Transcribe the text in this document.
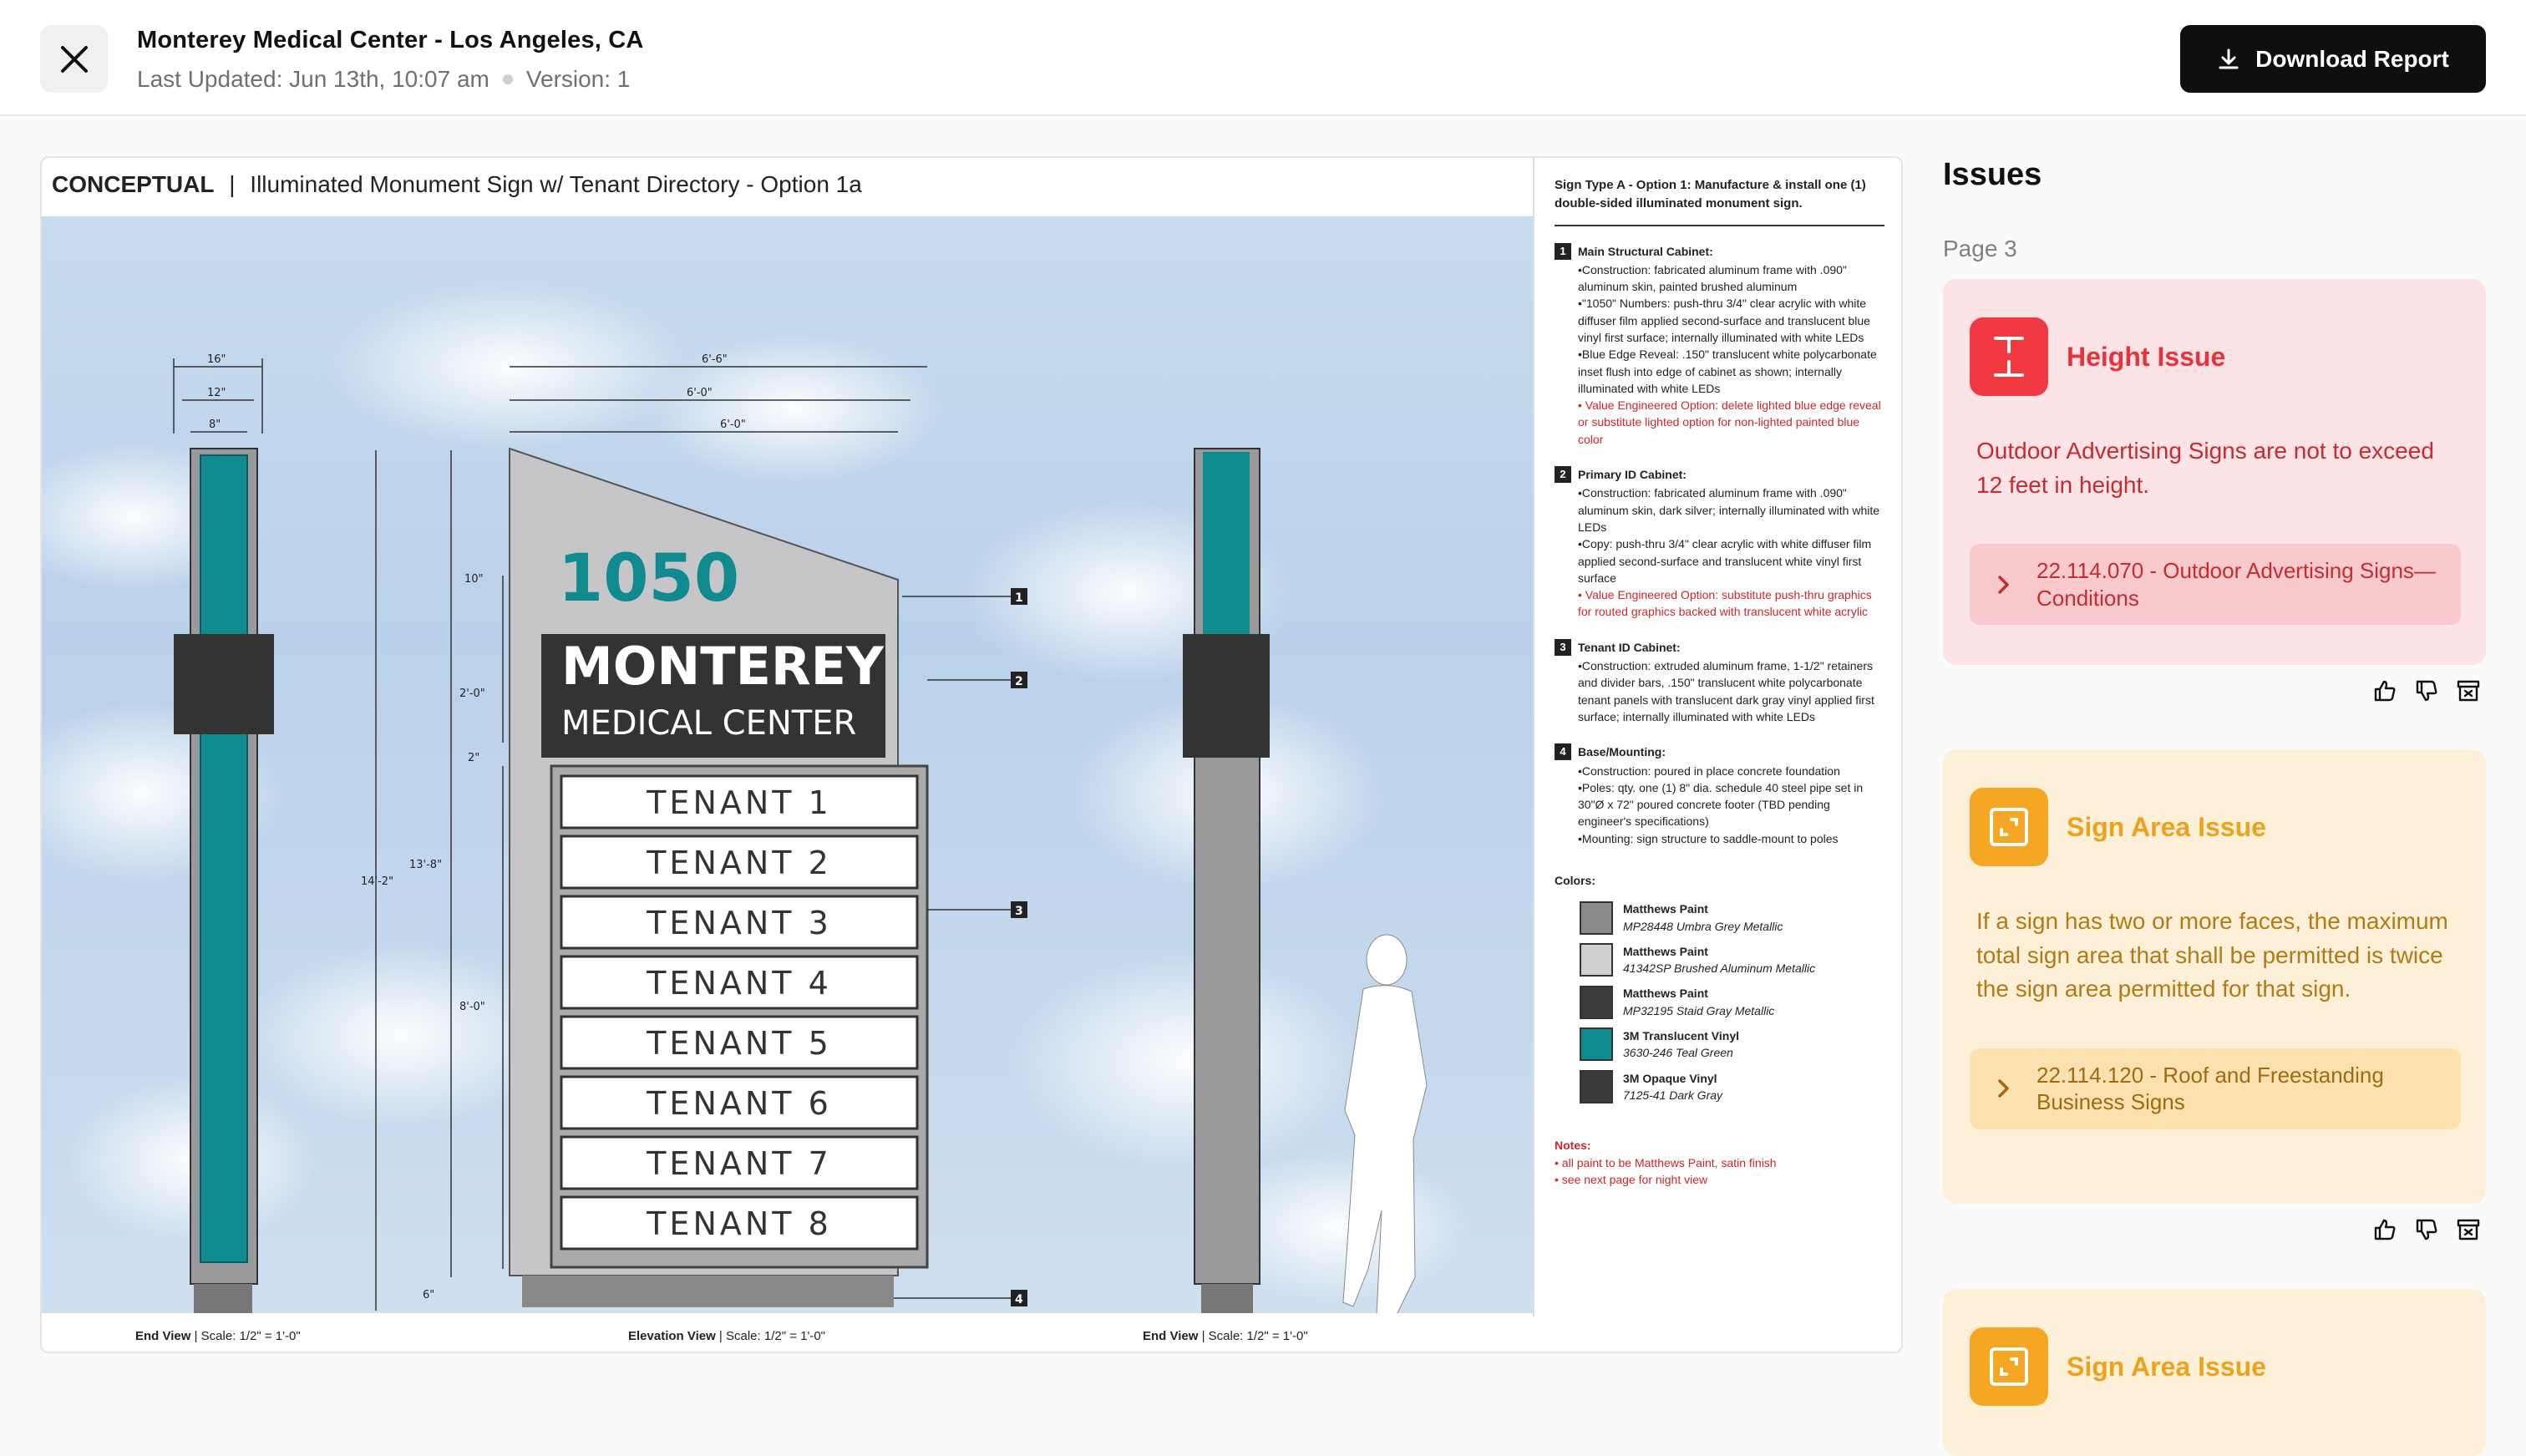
Monterey Medical Center - Los Angeles, CA
Last Updated: Jun 13th, 10:07 am Version: 1
Download Report
1050
MONTEREY
MEDICAL CENTER
TENANT 1
TENANT 2
TENANT 3
TENANT 4
TENANT 5
TENANT 6
TENANT 7
TENANT 8
16"
12"
8"
6'-6"
6'-0"
6'-0"
10"
2'-0"
2"
8'-0"
13'-8"
14'-2"
6"
1
2
3
4
CONCEPTUAL | Illuminated Monument Sign w/ Tenant Directory - Option 1a
End View | Scale: 1/2" = 1'-0"	Elevation View | Scale: 1/2" = 1'-0"	End View | Scale: 1/2" = 1'-0"
Sign Type A - Option 1: Manufacture & install one (1) double-sided illuminated monument sign.
1	Main Structural Cabinet:
•Construction: fabricated aluminum frame with .090" aluminum skin, painted brushed aluminum
•"1050" Numbers: push-thru 3/4" clear acrylic with white diffuser film applied second-surface and translucent blue vinyl first surface; internally illuminated with white LEDs
•Blue Edge Reveal: .150" translucent white polycarbonate inset flush into edge of cabinet as shown; internally illuminated with white LEDs
• Value Engineered Option: delete lighted blue edge reveal or substitute lighted option for non-lighted painted blue color
2	Primary ID Cabinet:
•Construction: fabricated aluminum frame with .090" aluminum skin, dark silver; internally illuminated with white LEDs
•Copy: push-thru 3/4" clear acrylic with white diffuser film applied second-surface and translucent white vinyl first surface
• Value Engineered Option: substitute push-thru graphics for routed graphics backed with translucent white acrylic
3	Tenant ID Cabinet:
•Construction: extruded aluminum frame, 1-1/2" retainers and divider bars, .150" translucent white polycarbonate tenant panels with translucent dark gray vinyl applied first surface; internally illuminated with white LEDs
4	Base/Mounting:
•Construction: poured in place concrete foundation
•Poles: qty. one (1) 8" dia. schedule 40 steel pipe set in 30"Ø x 72" poured concrete footer (TBD pending engineer's specifications)
•Mounting: sign structure to saddle-mount to poles
Colors:
Matthews Paint
MP28448 Umbra Grey Metallic
Matthews Paint
41342SP Brushed Aluminum Metallic
Matthews Paint
MP32195 Staid Gray Metallic
3M Translucent Vinyl
3630-246 Teal Green
3M Opaque Vinyl
7125-41 Dark Gray
Notes:
• all paint to be Matthews Paint, satin finish
• see next page for night view
Issues
Page 3
Height Issue
Outdoor Advertising Signs are not to exceed 12 feet in height.
22.114.070 - Outdoor Advertising Signs—Conditions
Sign Area Issue
If a sign has two or more faces, the maximum total sign area that shall be permitted is twice the sign area permitted for that sign.
22.114.120 - Roof and Freestanding Business Signs
Sign Area Issue
